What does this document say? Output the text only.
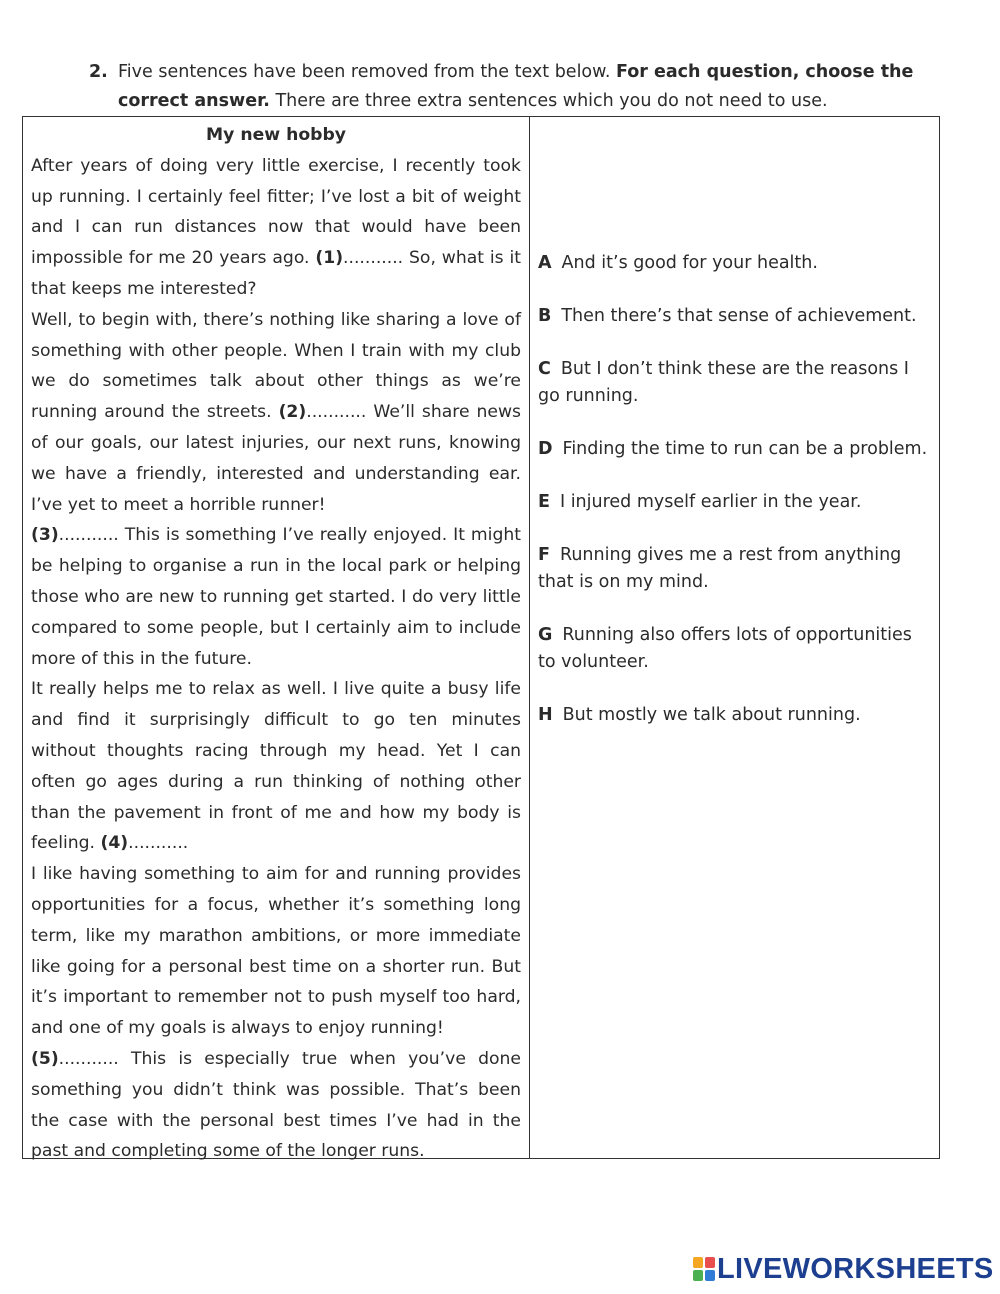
2. Five sentences have been removed from the text below. For each question, choose the correct answer. There are three extra sentences which you do not need to use.
My new hobby

After years of doing very little exercise, I recently took up running. I certainly feel fitter; I’ve lost a bit of weight and I can run distances now that would have been impossible for me 20 years ago. (1)........... So, what is it that keeps me interested?

Well, to begin with, there’s nothing like sharing a love of something with other people. When I train with my club we do sometimes talk about other things as we’re running around the streets. (2)........... We’ll share news of our goals, our latest injuries, our next runs, knowing we have a friendly, interested and understanding ear. I’ve yet to meet a horrible runner!

(3)........... This is something I’ve really enjoyed. It might be helping to organise a run in the local park or helping those who are new to running get started. I do very little compared to some people, but I certainly aim to include more of this in the future.

It really helps me to relax as well. I live quite a busy life and find it surprisingly difficult to go ten minutes without thoughts racing through my head. Yet I can often go ages during a run thinking of nothing other than the pavement in front of me and how my body is feeling. (4)...........

I like having something to aim for and running provides opportunities for a focus, whether it’s something long term, like my marathon ambitions, or more immediate like going for a personal best time on a shorter run. But it’s important to remember not to push myself too hard, and one of my goals is always to enjoy running!

(5)........... This is especially true when you’ve done something you didn’t think was possible. That’s been the case with the personal best times I’ve had in the past and completing some of the longer runs.

A And it’s good for your health.
B Then there’s that sense of achievement.
C But I don’t think these are the reasons I go running.
D Finding the time to run can be a problem.
E I injured myself earlier in the year.
F Running gives me a rest from anything that is on my mind.
G Running also offers lots of opportunities to volunteer.
H But mostly we talk about running.
LIVEWORKSHEETS
